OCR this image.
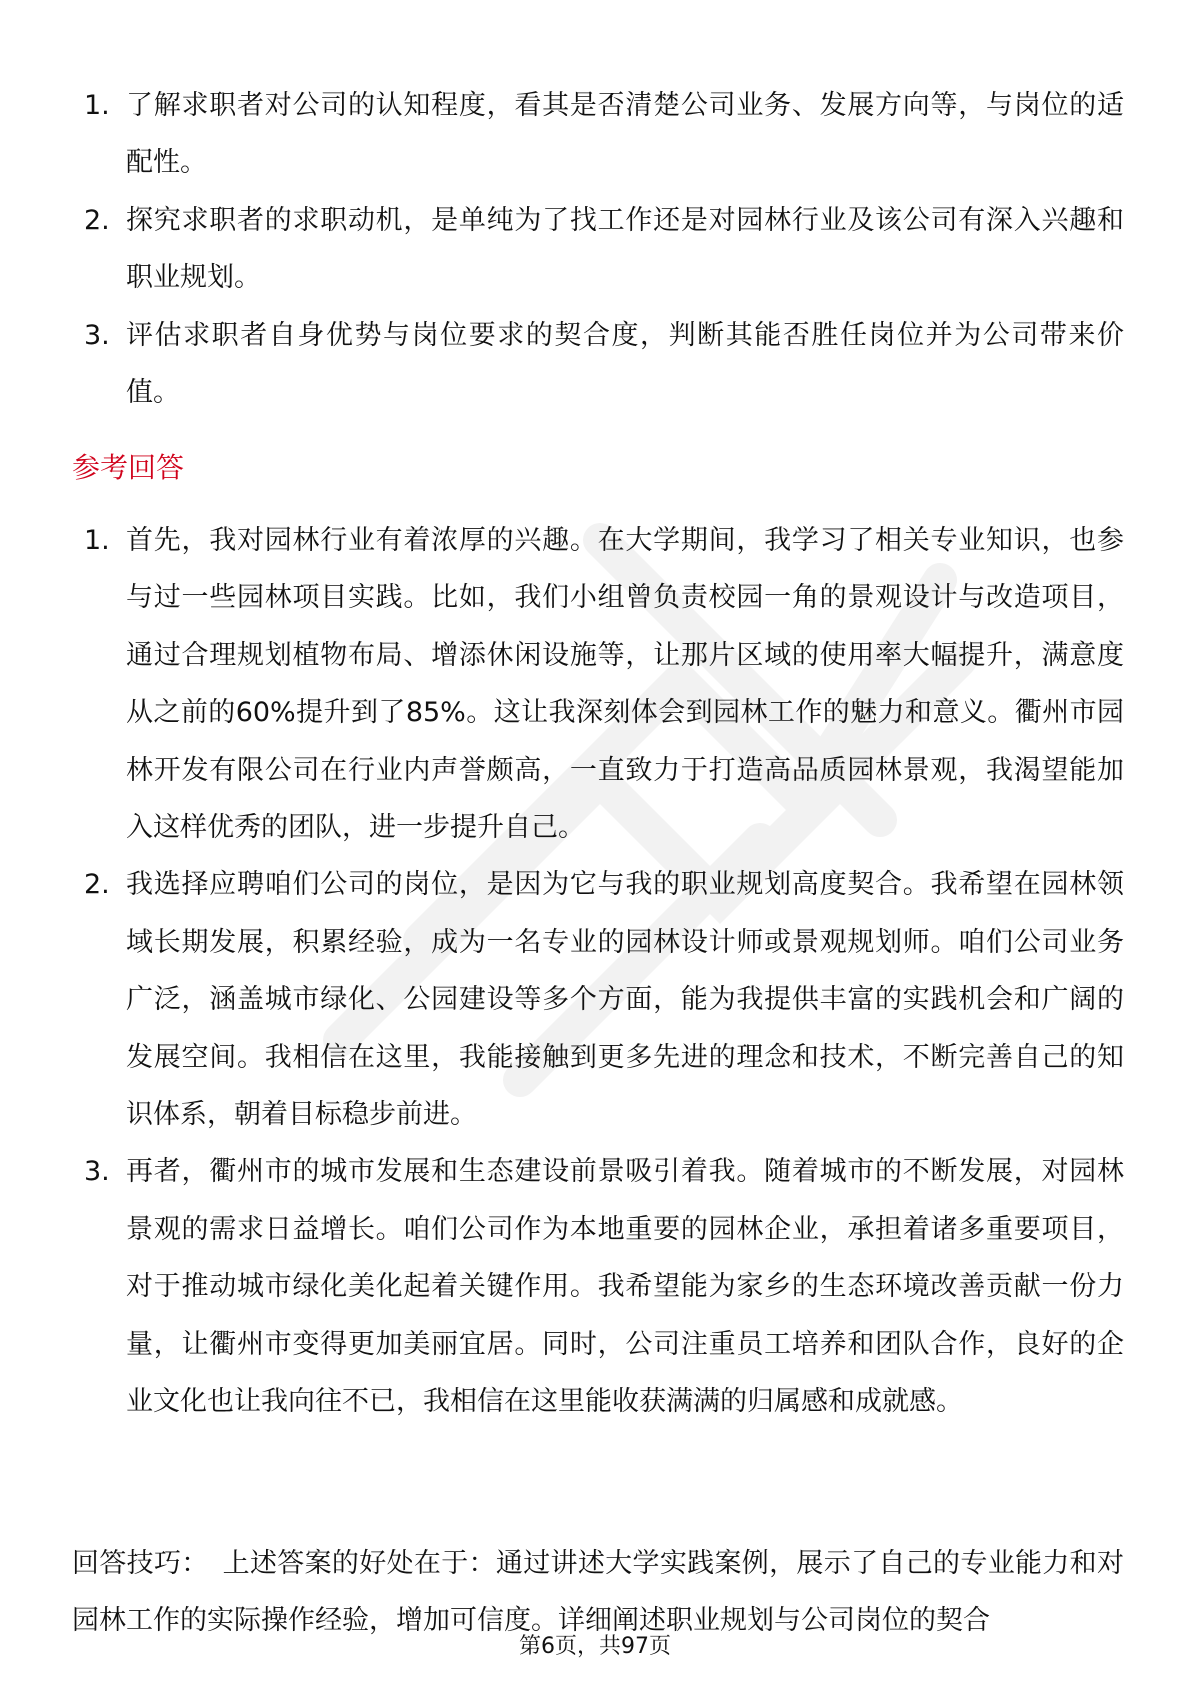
1. 了解求职者对公司的认知程度，看其是否清楚公司业务、发展方向等，与岗位的适配性。
2. 探究求职者的求职动机，是单纯为了找工作还是对园林行业及该公司有深入兴趣和职业规划。
3. 评估求职者自身优势与岗位要求的契合度，判断其能否胜任岗位并为公司带来价值。
参考回答
1. 首先，我对园林行业有着浓厚的兴趣。在大学期间，我学习了相关专业知识，也参与过一些园林项目实践。比如，我们小组曾负责校园一角的景观设计与改造项目，通过合理规划植物布局、增添休闲设施等，让那片区域的使用率大幅提升，满意度从之前的60%提升到了85%。这让我深刻体会到园林工作的魅力和意义。衢州市园林开发有限公司在行业内声誉颇高，一直致力于打造高品质园林景观，我渴望能加入这样优秀的团队，进一步提升自己。
2. 我选择应聘咱们公司的岗位，是因为它与我的职业规划高度契合。我希望在园林领域长期发展，积累经验，成为一名专业的园林设计师或景观规划师。咱们公司业务广泛，涵盖城市绿化、公园建设等多个方面，能为我提供丰富的实践机会和广阔的发展空间。我相信在这里，我能接触到更多先进的理念和技术，不断完善自己的知识体系，朝着目标稳步前进。
3. 再者，衢州市的城市发展和生态建设前景吸引着我。随着城市的不断发展，对园林景观的需求日益增长。咱们公司作为本地重要的园林企业，承担着诸多重要项目，对于推动城市绿化美化起着关键作用。我希望能为家乡的生态环境改善贡献一份力量，让衢州市变得更加美丽宜居。同时，公司注重员工培养和团队合作，良好的企业文化也让我向往不已，我相信在这里能收获满满的归属感和成就感。

回答技巧： 上述答案的好处在于：通过讲述大学实践案例，展示了自己的专业能力和对园林工作的实际操作经验，增加可信度。详细阐述职业规划与公司岗位的契合

第6页，共97页
